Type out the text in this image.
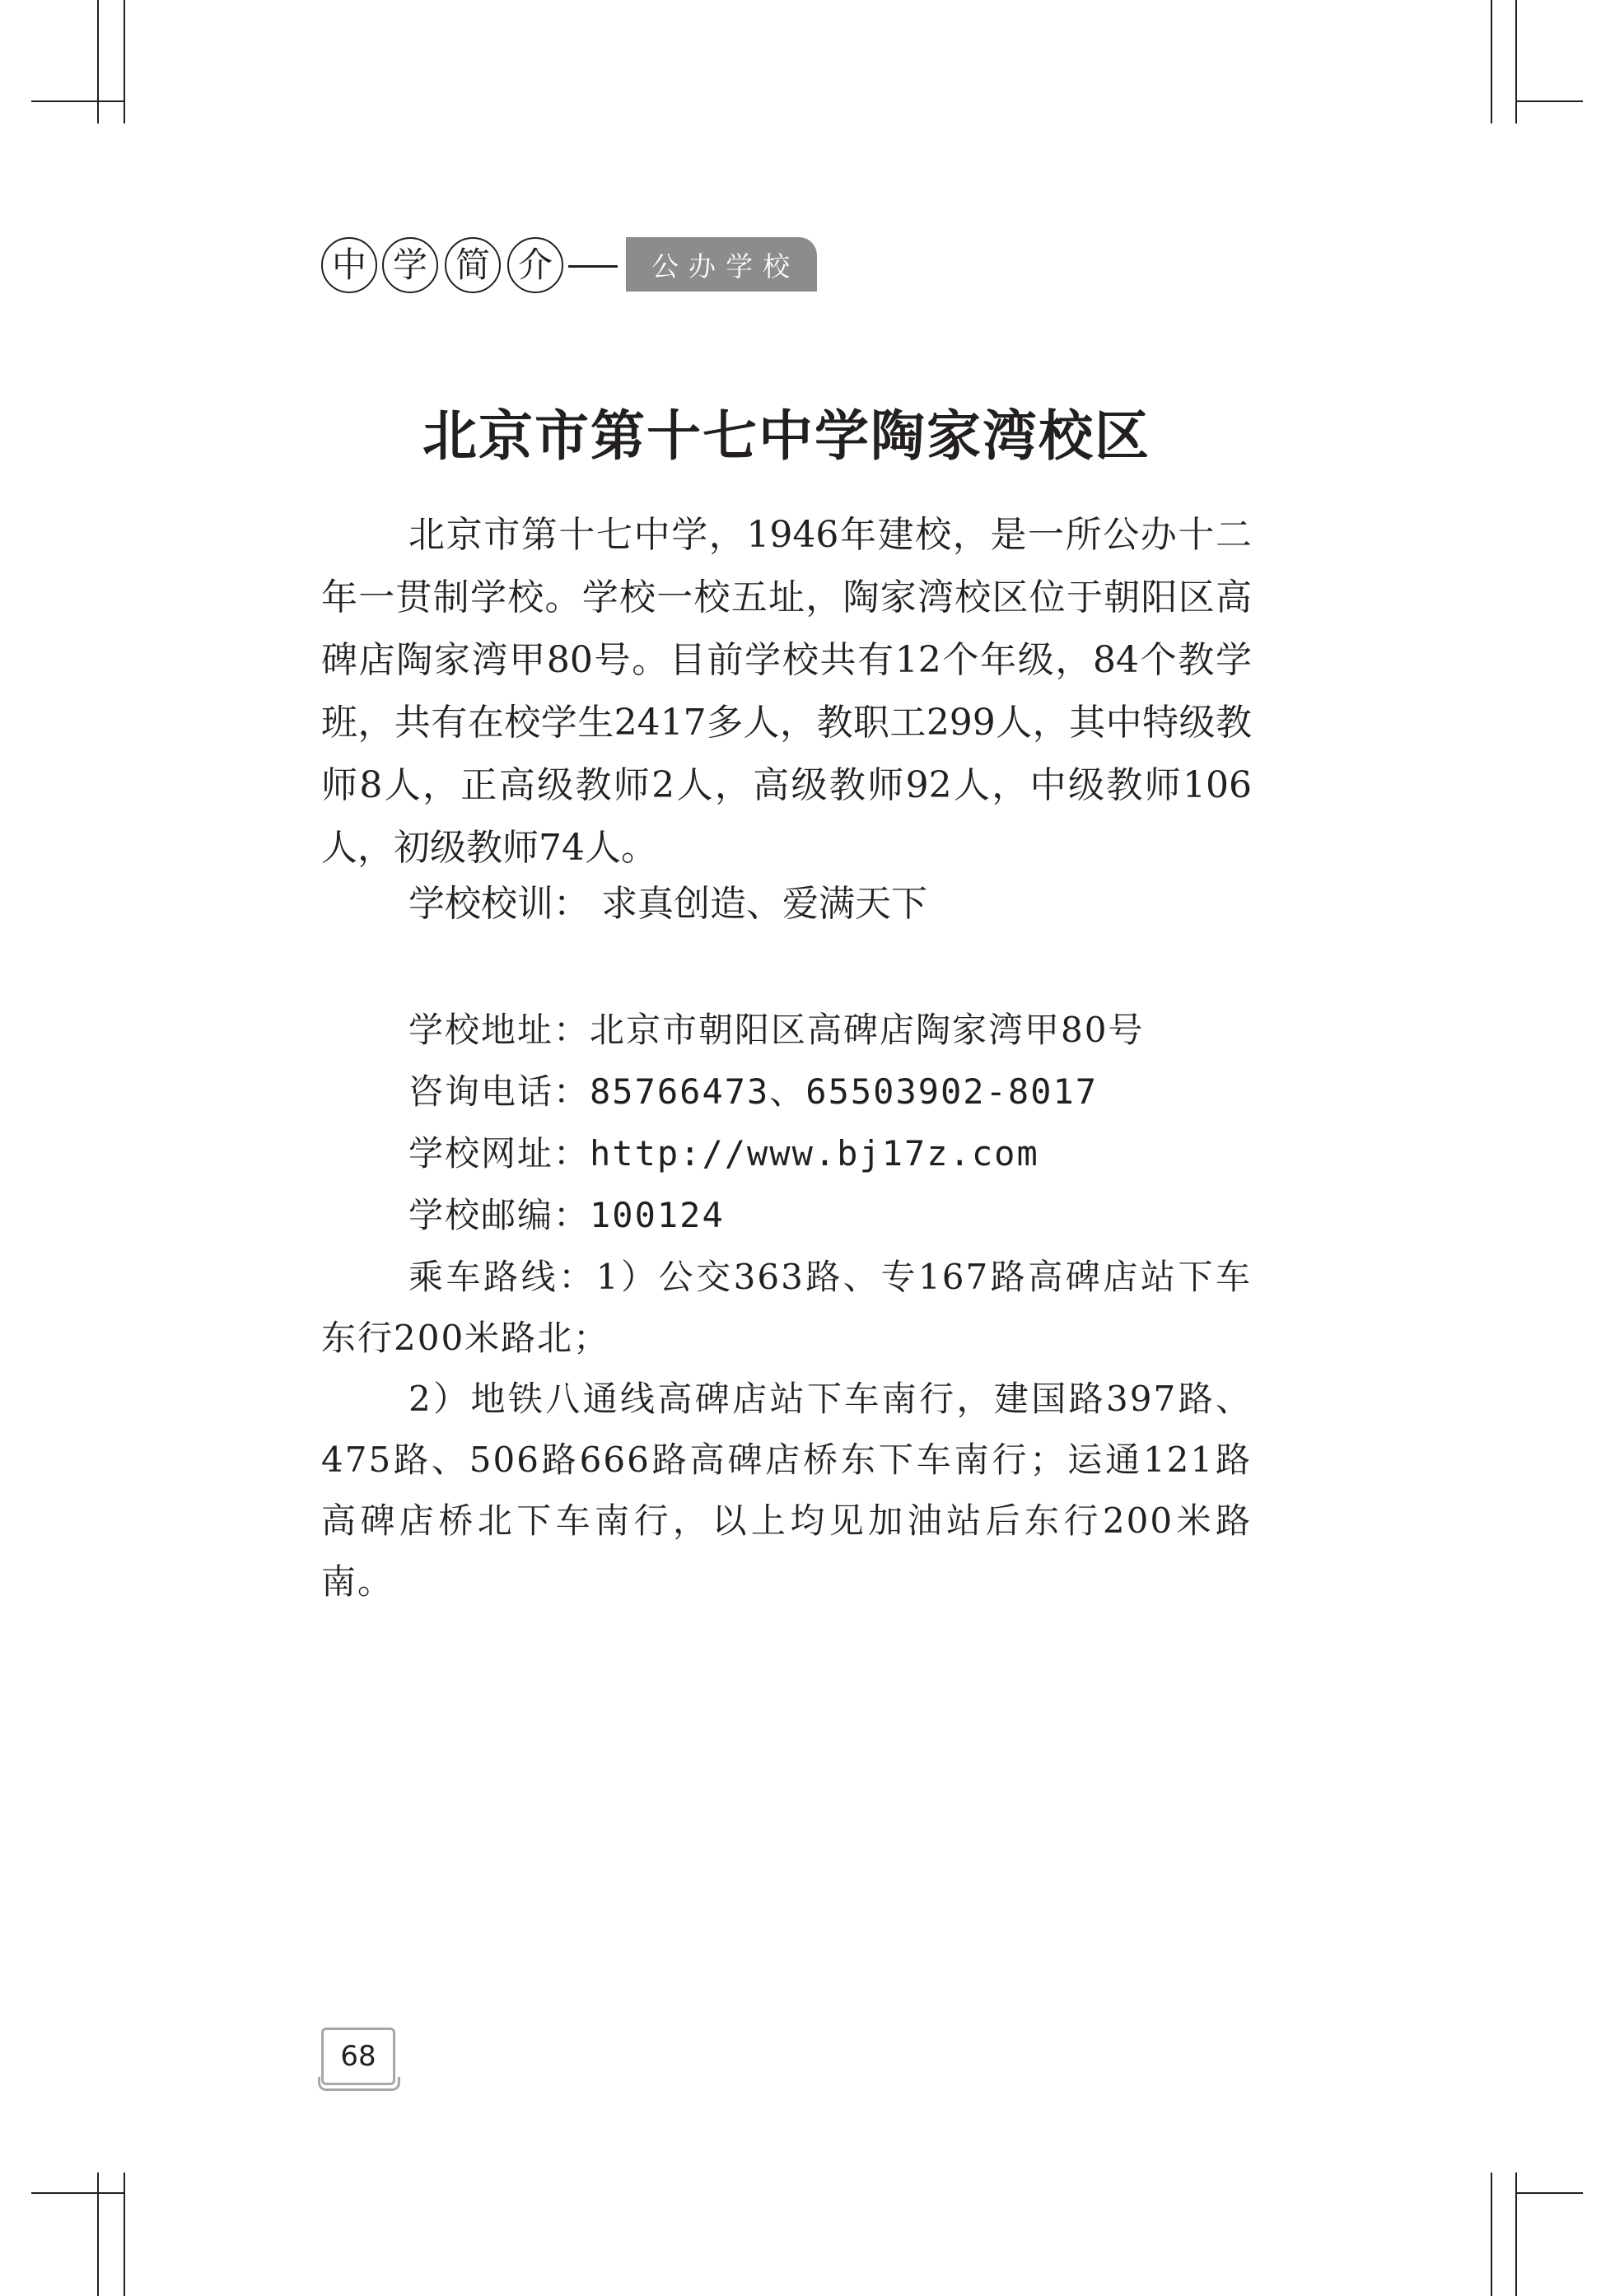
中 学 简 介	公办学校
北京市第十七中学陶家湾校区

北京市第十七中学，1946年建校，是一所公办十二年一贯制学校。学校一校五址，陶家湾校区位于朝阳区高碑店陶家湾甲80号。目前学校共有12个年级，84个教学班，共有在校学生2417多人，教职工299人，其中特级教师8人，正高级教师2人，高级教师92人，中级教师106人，初级教师74人。

学校校训： 求真创造、爱满天下

学校地址：北京市朝阳区高碑店陶家湾甲80号
咨询电话：85766473、65503902-8017
学校网址：http://www.bj17z.com
学校邮编：100124

乘车路线：1）公交363路、专167路高碑店站下车东行200米路北；

2）地铁八通线高碑店站下车南行，建国路397路、475路、506路666路高碑店桥东下车南行；运通121路高碑店桥北下车南行，以上均见加油站后东行200米路南。

68
